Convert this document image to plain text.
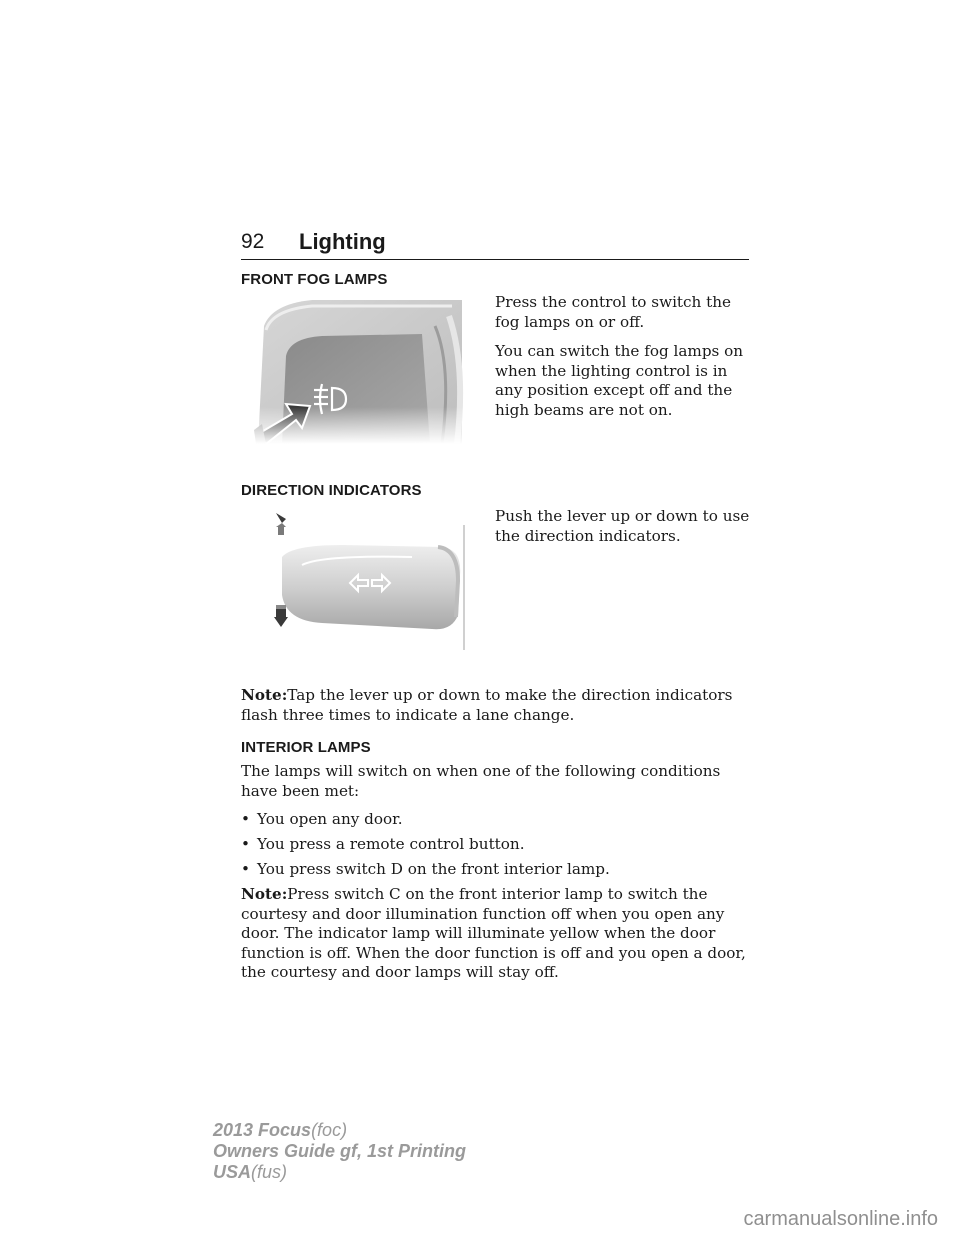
92 Lighting
FRONT FOG LAMPS
Press the control to switch the fog lamps on or off.
You can switch the fog lamps on when the lighting control is in any position except off and the high beams are not on.
DIRECTION INDICATORS
Push the lever up or down to use the direction indicators.
Note:Tap the lever up or down to make the direction indicators flash three times to indicate a lane change.
INTERIOR LAMPS
The lamps will switch on when one of the following conditions have been met:
• You open any door.
• You press a remote control button.
• You press switch D on the front interior lamp.
Note:Press switch C on the front interior lamp to switch the courtesy and door illumination function off when you open any door. The indicator lamp will illuminate yellow when the door function is off. When the door function is off and you open a door, the courtesy and door lamps will stay off.
2013 Focus(foc)
Owners Guide gf, 1st Printing
USA(fus)
carmanualsonline.info
